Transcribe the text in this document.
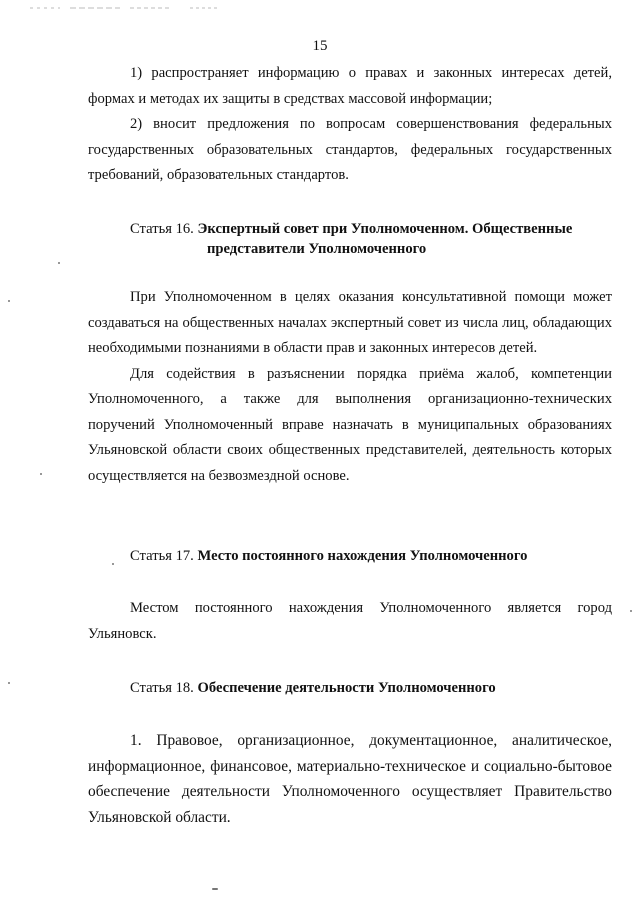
15
1) распространяет информацию о правах и законных интересах детей, формах и методах их защиты в средствах массовой информации;
2) вносит предложения по вопросам совершенствования федеральных государственных образовательных стандартов, федеральных государственных требований, образовательных стандартов.
Статья 16. Экспертный совет при Уполномоченном. Общественные
представители Уполномоченного
При Уполномоченном в целях оказания консультативной помощи может создаваться на общественных началах экспертный совет из числа лиц, обладающих необходимыми познаниями в области прав и законных интересов детей.
Для содействия в разъяснении порядка приёма жалоб, компетенции Уполномоченного, а также для выполнения организационно-технических поручений Уполномоченный вправе назначать в муниципальных образованиях Ульяновской области своих общественных представителей, деятельность которых осуществляется на безвозмездной основе.
Статья 17. Место постоянного нахождения Уполномоченного
Местом постоянного нахождения Уполномоченного является город Ульяновск.
Статья 18. Обеспечение деятельности Уполномоченного
1. Правовое, организационное, документационное, аналитическое, информационное, финансовое, материально-техническое и социально-бытовое обеспечение деятельности Уполномоченного осуществляет Правительство Ульяновской области.
